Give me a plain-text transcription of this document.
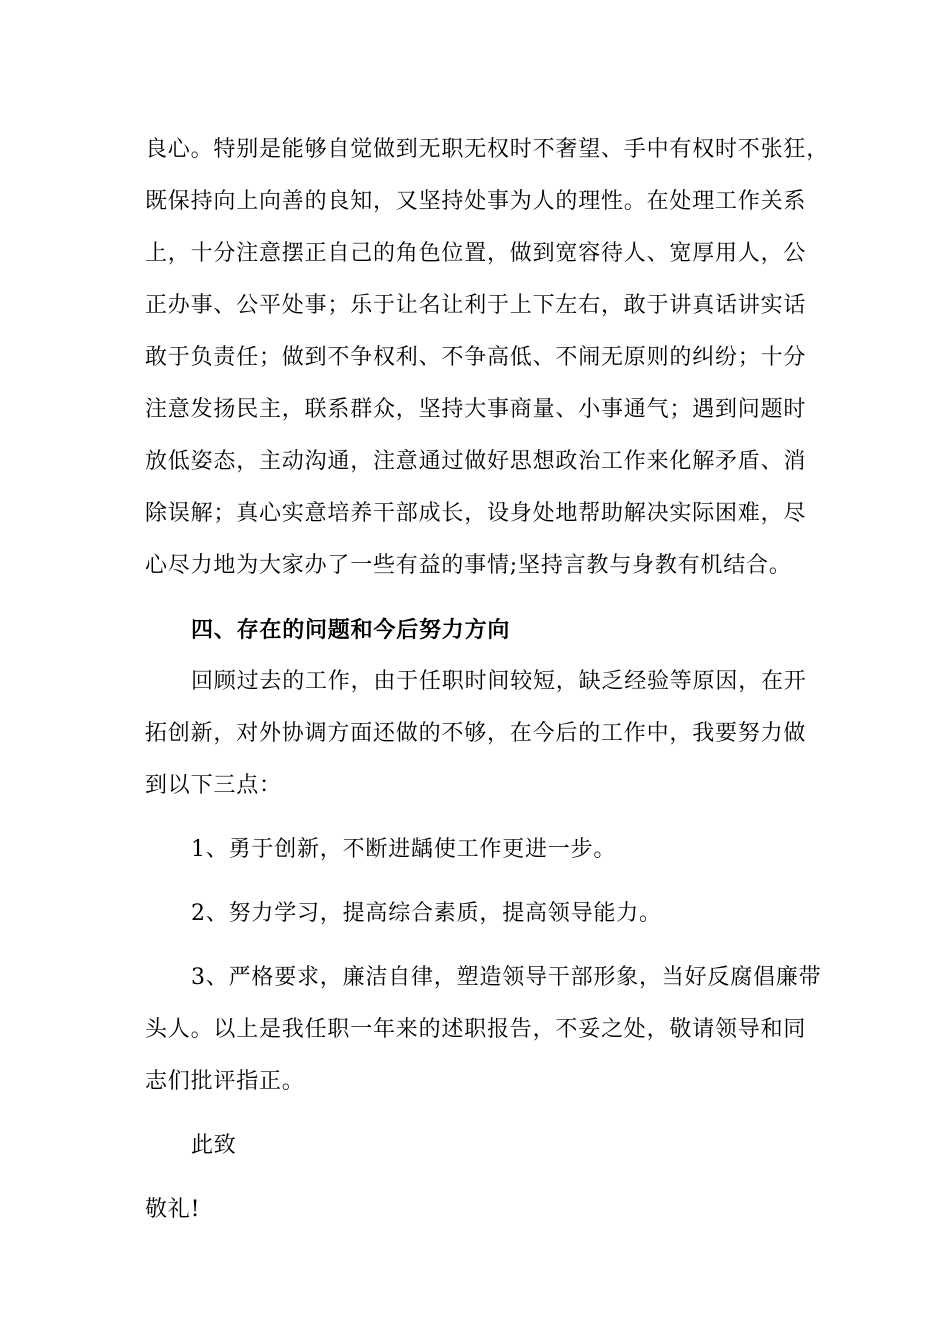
良心。特别是能够自觉做到无职无权时不奢望、手中有权时不张狂，
既保持向上向善的良知，又坚持处事为人的理性。在处理工作关系
上，十分注意摆正自己的角色位置，做到宽容待人、宽厚用人，公
正办事、公平处事；乐于让名让利于上下左右，敢于讲真话讲实话
敢于负责任；做到不争权利、不争高低、不闹无原则的纠纷；十分
注意发扬民主，联系群众，坚持大事商量、小事通气；遇到问题时
放低姿态，主动沟通，注意通过做好思想政治工作来化解矛盾、消
除误解；真心实意培养干部成长，设身处地帮助解决实际困难，尽
心尽力地为大家办了一些有益的事情;坚持言教与身教有机结合。
四、存在的问题和今后努力方向
回顾过去的工作，由于任职时间较短，缺乏经验等原因，在开
拓创新，对外协调方面还做的不够，在今后的工作中，我要努力做
到以下三点：
1、勇于创新，不断进龋使工作更进一步。
2、努力学习，提高综合素质，提高领导能力。
3、严格要求，廉洁自律，塑造领导干部形象，当好反腐倡廉带
头人。以上是我任职一年来的述职报告，不妥之处，敬请领导和同
志们批评指正。
此致
敬礼!
